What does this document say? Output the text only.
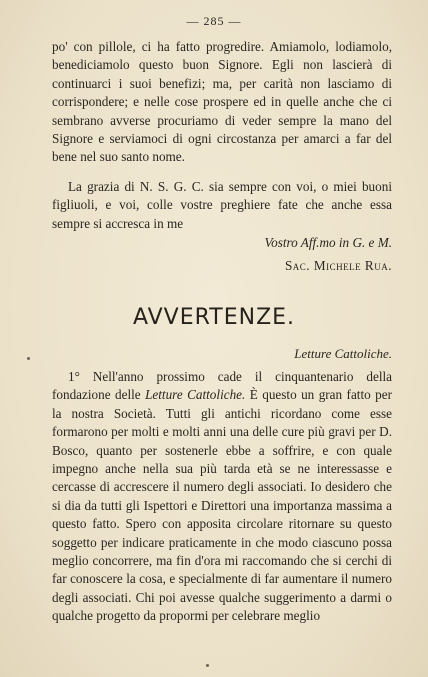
— 285 —

po' con pillole, ci ha fatto progredire. Amiamolo, lodiamolo, benediciamolo questo buon Signore. Egli non lascierà di continuarci i suoi benefizi; ma, per carità non lasciamo di corrispondere; e nelle cose prospere ed in quelle anche che ci sembrano avverse procuriamo di veder sempre la mano del Signore e serviamoci di ogni circostanza per amarci a far del bene nel suo santo nome.

La grazia di N. S. G. C. sia sempre con voi, o miei buoni figliuoli, e voi, colle vostre preghiere fate che anche essa sempre si accresca in me

Vostro Aff.mo in G. e M.
Sac. Michele Rua.
AVVERTENZE.
Letture Cattoliche.

1° Nell'anno prossimo cade il cinquantenario della fondazione delle Letture Cattoliche. È questo un gran fatto per la nostra Società. Tutti gli antichi ricordano come esse formarono per molti e molti anni una delle cure più gravi per D. Bosco, quanto per sostenerle ebbe a soffrire, e con quale impegno anche nella sua più tarda età se ne interessasse e cercasse di accrescere il numero degli associati. Io desidero che si dia da tutti gli Ispettori e Direttori una importanza massima a questo fatto. Spero con apposita circolare ritornare su questo soggetto per indicare praticamente in che modo ciascuno possa meglio concorrere, ma fin d'ora mi raccomando che si cerchi di far conoscere la cosa, e specialmente di far aumentare il numero degli associati. Chi poi avesse qualche suggerimento a darmi o qualche progetto da propormi per celebrare meglio
